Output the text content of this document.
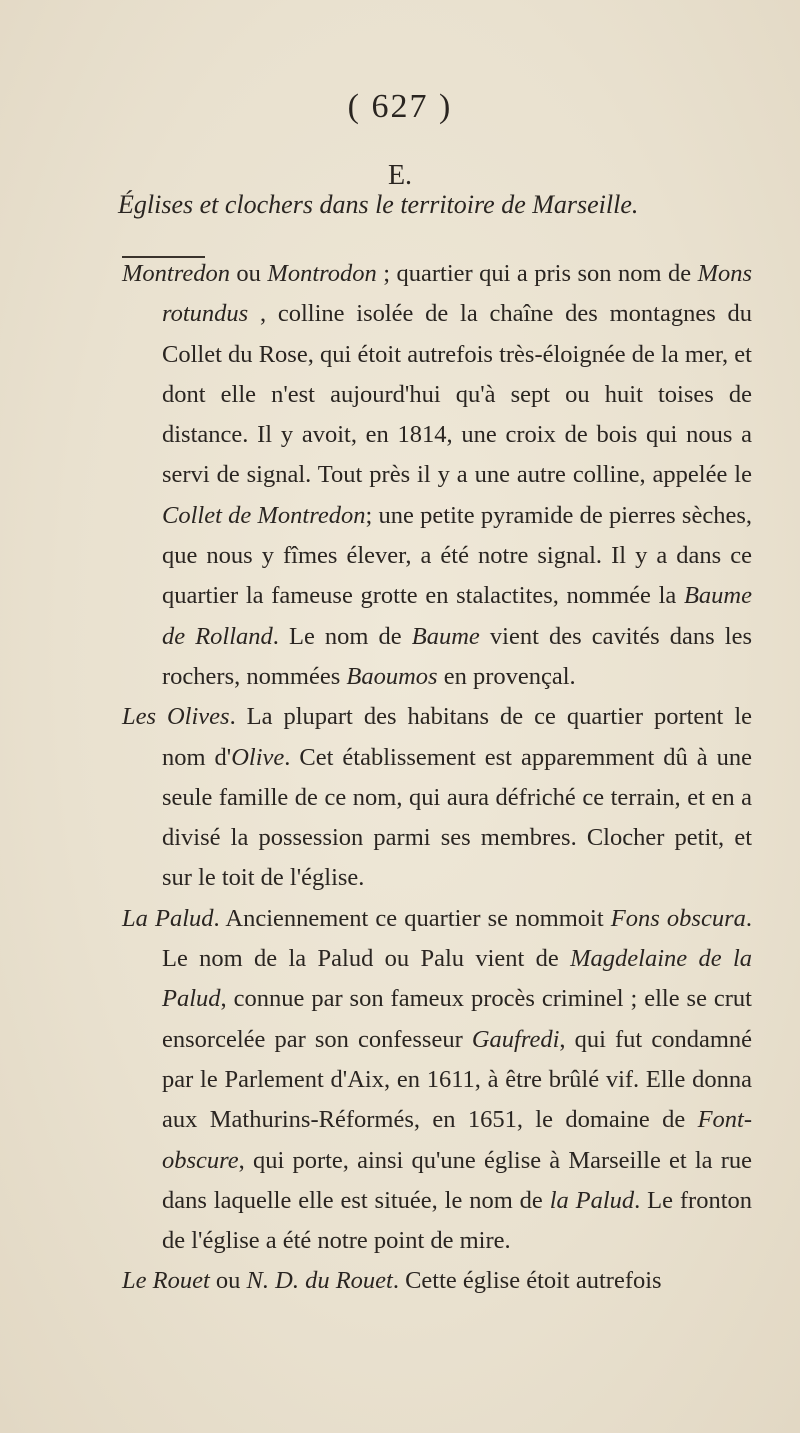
( 627 )
E.
Églises et clochers dans le territoire de Marseille.

Montredon ou Montrodon ; quartier qui a pris son nom de Mons rotundus , colline isolée de la chaîne des montagnes du Collet du Rose, qui étoit autrefois très-éloignée de la mer, et dont elle n'est aujourd'hui qu'à sept ou huit toises de distance. Il y avoit, en 1814, une croix de bois qui nous a servi de signal. Tout près il y a une autre colline, appelée le Collet de Montredon; une petite pyramide de pierres sèches, que nous y fîmes élever, a été notre signal. Il y a dans ce quartier la fameuse grotte en stalactites, nommée la Baume de Rolland. Le nom de Baume vient des cavités dans les rochers, nommées Baoumos en provençal.

Les Olives. La plupart des habitans de ce quartier portent le nom d'Olive. Cet établissement est apparemment dû à une seule famille de ce nom, qui aura défriché ce terrain, et en a divisé la possession parmi ses membres. Clocher petit, et sur le toit de l'église.

La Palud. Anciennement ce quartier se nommoit Fons obscura. Le nom de la Palud ou Palu vient de Magdelaine de la Palud, connue par son fameux procès criminel ; elle se crut ensorcelée par son confesseur Gaufredi, qui fut condamné par le Parlement d'Aix, en 1611, à être brûlé vif. Elle donna aux Mathurins-Réformés, en 1651, le domaine de Font-obscure, qui porte, ainsi qu'une église à Marseille et la rue dans laquelle elle est située, le nom de la Palud. Le fronton de l'église a été notre point de mire.

Le Rouet ou N. D. du Rouet. Cette église étoit autrefois
